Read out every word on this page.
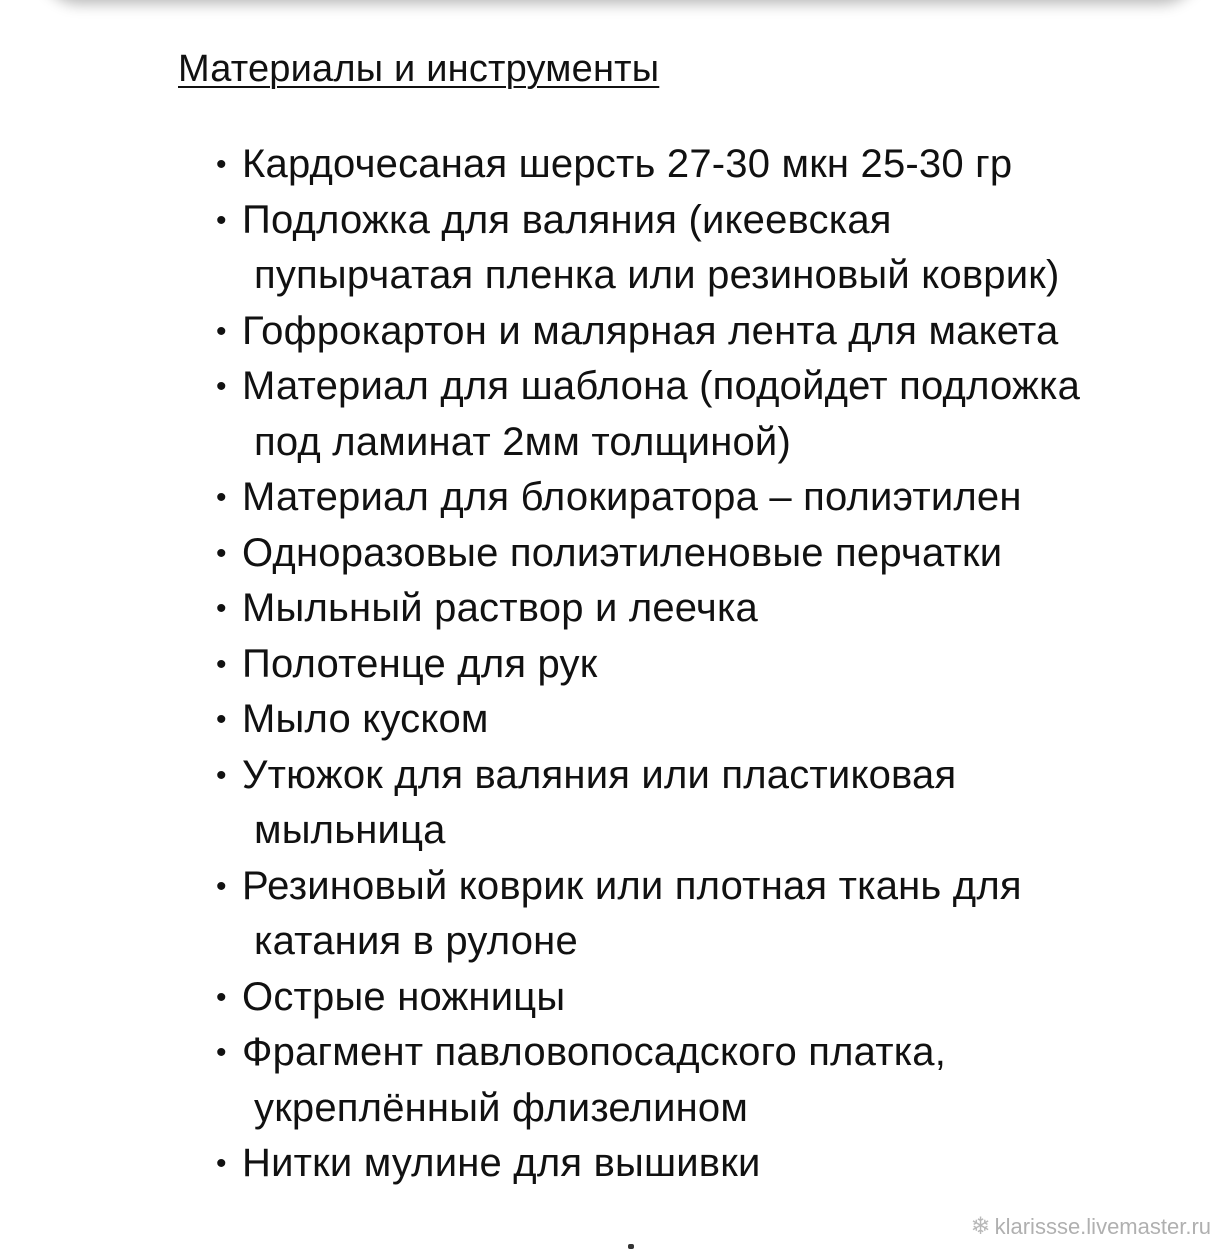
Материалы и инструменты
• Кардочесаная шерсть 27-30 мкн 25-30 гр
• Подложка для валяния (икеевская
пупырчатая пленка или резиновый коврик)
• Гофрокартон и малярная лента для макета
• Материал для шаблона (подойдет подложка
под ламинат 2мм толщиной)
• Материал для блокиратора – полиэтилен
• Одноразовые полиэтиленовые перчатки
• Мыльный раствор и леечка
• Полотенце для рук
• Мыло куском
• Утюжок для валяния или пластиковая
мыльница
• Резиновый коврик или плотная ткань для
катания в рулоне
• Острые ножницы
• Фрагмент павловопосадского платка,
укреплённый флизелином
• Нитки мулине для вышивки
❄ klarissse.livemaster.ru
